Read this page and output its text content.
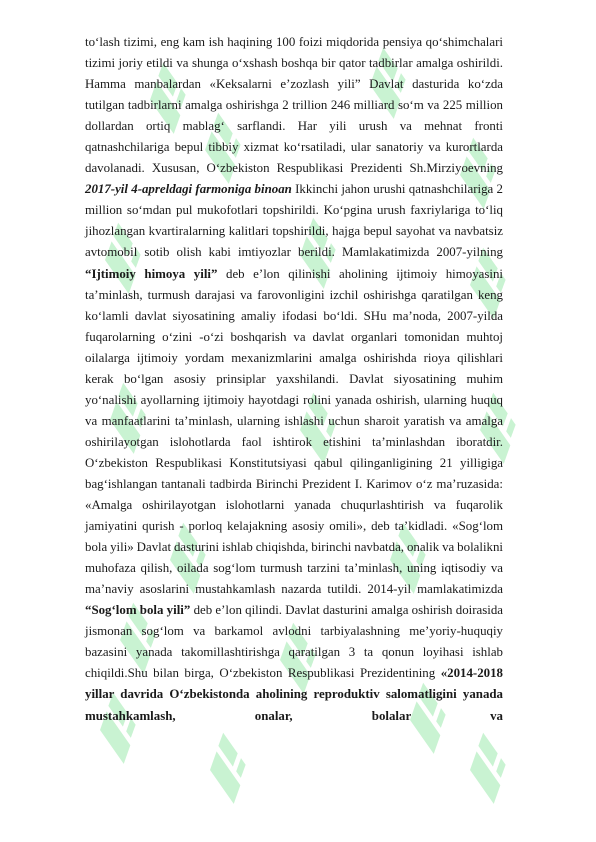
to‘lash tizimi, eng kam ish haqining 100 foizi miqdorida pensiya qo‘shimchalari tizimi joriy etildi va shunga o‘xshash boshqa bir qator tadbirlar amalga oshirildi. Hamma manbalardan «Keksalarni e’zozlash yili” Davlat dasturida ko‘zda tutilgan tadbirlarni amalga oshirishga 2 trillion 246 milliard so‘m va 225 million dollardan ortiq mablag‘ sarflandi. Har yili urush va mehnat fronti qatnashchilariga bepul tibbiy xizmat ko‘rsatiladi, ular sanatoriy va kurortlarda davolanadi. Xususan, O‘zbekiston Respublikasi Prezidenti Sh.Mirziyoevning 2017-yil 4-apreldagi farmoniga binoan Ikkinchi jahon urushi qatnashchilariga 2 million so‘mdan pul mukofotlari topshirildi. Ko‘pgina urush faxriylariga to‘liq jihozlangan kvartiralarning kalitlari topshirildi, hajga bepul sayohat va navbatsiz avtomobil sotib olish kabi imtiyozlar berildi. Mamlakatimizda 2007-yilning “Ijtimoiy himoya yili” deb e’lon qilinishi aholining ijtimoiy himoyasini ta’minlash, turmush darajasi va farovonligini izchil oshirishga qaratilgan keng ko‘lamli davlat siyosatining amaliy ifodasi bo‘ldi. SHu ma’noda, 2007-yilda fuqarolarning o‘zini -o‘zi boshqarish va davlat organlari tomonidan muhtoj oilalarga ijtimoiy yordam mexanizmlarini amalga oshirishda rioya qilishlari kerak bo‘lgan asosiy prinsiplar yaxshilandi. Davlat siyosatining muhim yo‘nalishi ayollarning ijtimoiy hayotdagi rolini yanada oshirish, ularning huquq va manfaatlarini ta’minlash, ularning ishlashi uchun sharoit yaratish va amalga oshirilayotgan islohotlarda faol ishtirok etishini ta’minlashdan iboratdir. O‘zbekiston Respublikasi Konstitutsiyasi qabul qilinganligining 21 yilligiga bag‘ishlangan tantanali tadbirda Birinchi Prezident I. Karimov o‘z ma’ruzasida: «Amalga oshirilayotgan islohotlarni yanada chuqurlashtirish va fuqarolik jamiyatini qurish - porloq kelajakning asosiy omili», deb ta’kidladi. «Sog‘lom bola yili» Davlat dasturini ishlab chiqishda, birinchi navbatda, onalik va bolalikni muhofaza qilish, oilada sog‘lom turmush tarzini ta’minlash, uning iqtisodiy va ma’naviy asoslarini mustahkamlash nazarda tutildi. 2014-yil mamlakatimizda “Sog‘lom bola yili” deb e’lon qilindi. Davlat dasturini amalga oshirish doirasida jismonan sog‘lom va barkamol avlodni tarbiyalashning me’yoriy-huquqiy bazasini yanada takomillashtirishga qaratilgan 3 ta qonun loyihasi ishlab chiqildi.Shu bilan birga, O‘zbekiston Respublikasi Prezidentining «2014-2018 yillar davrida O‘zbekistonda aholining reproduktiv salomatligini yanada mustahkamlash, onalar, bolalar va
